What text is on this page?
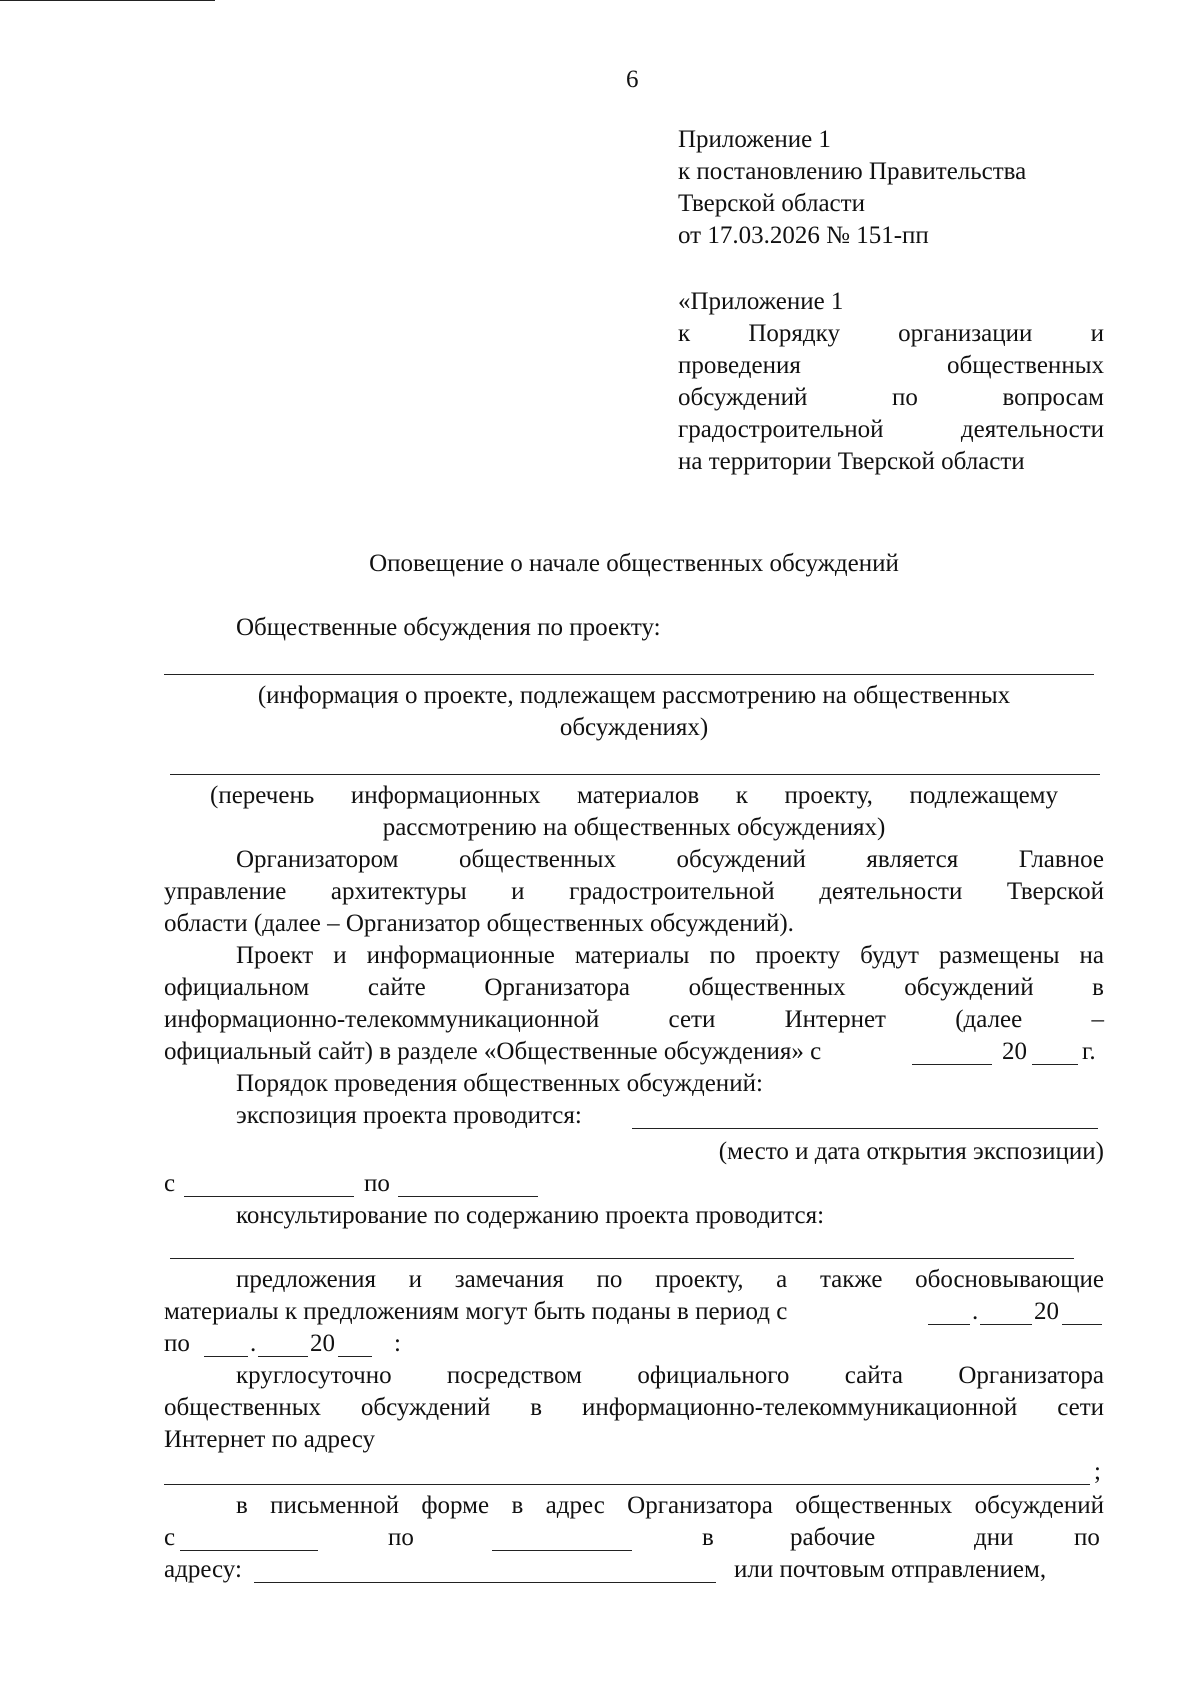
6
Приложение 1
к постановлению Правительства
Тверской области
от 17.03.2026 № 151-пп
«Приложение 1
к Порядку организации и
проведения общественных
обсуждений по вопросам
градостроительной деятельности
на территории Тверской области
Оповещение о начале общественных обсуждений
Общественные обсуждения по проекту:
(информация о проекте, подлежащем рассмотрению на общественных
обсуждениях)
(перечень информационных материалов к проекту, подлежащему
рассмотрению на общественных обсуждениях)
Организатором общественных обсуждений является Главное
управление архитектуры и градостроительной деятельности Тверской
области (далее – Организатор общественных обсуждений).
Проект и информационные материалы по проекту будут размещены на
официальном сайте Организатора общественных обсуждений в
информационно-телекоммуникационной сети Интернет (далее –
официальный сайт) в разделе «Общественные обсуждения» с	20 г.
Порядок проведения общественных обсуждений:
экспозиция проекта проводится:
(место и дата открытия экспозиции)
с	по
консультирование по содержанию проекта проводится:
предложения и замечания по проекту, а также обосновывающие
материалы к предложениям могут быть поданы в период с	. 20
по . 20 :
круглосуточно посредством официального сайта Организатора
общественных обсуждений в информационно-телекоммуникационной сети
Интернет по адресу
;
в письменной форме в адрес Организатора общественных обсуждений
с	по	в	рабочие	дни по
адресу:	или почтовым отправлением,
